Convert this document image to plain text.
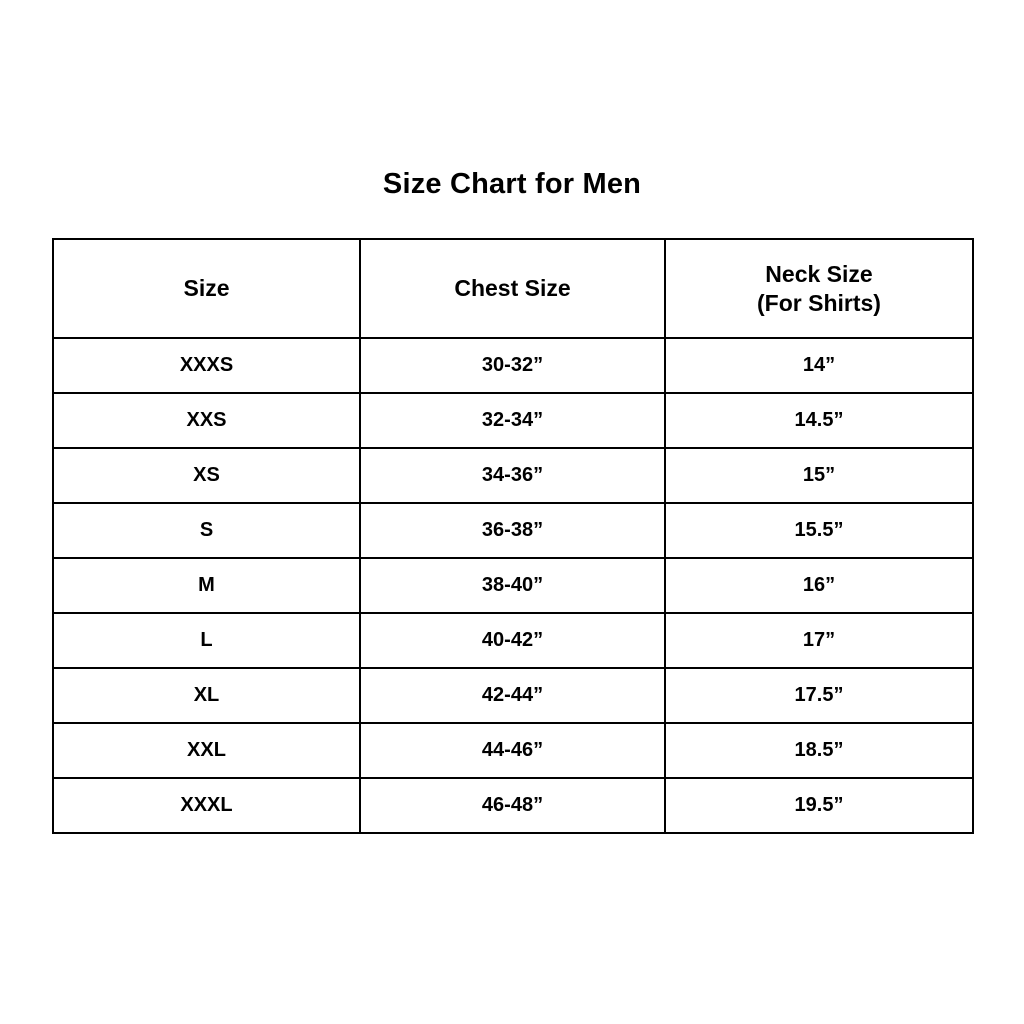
Size Chart for Men
Size	Chest Size	Neck Size
(For Shirts)

XXXS	30-32”	14”
XXS	32-34”	14.5”
XS	34-36”	15”
S	36-38”	15.5”
M	38-40”	16”
L	40-42”	17”
XL	42-44”	17.5”
XXL	44-46”	18.5”
XXXL	46-48”	19.5”
